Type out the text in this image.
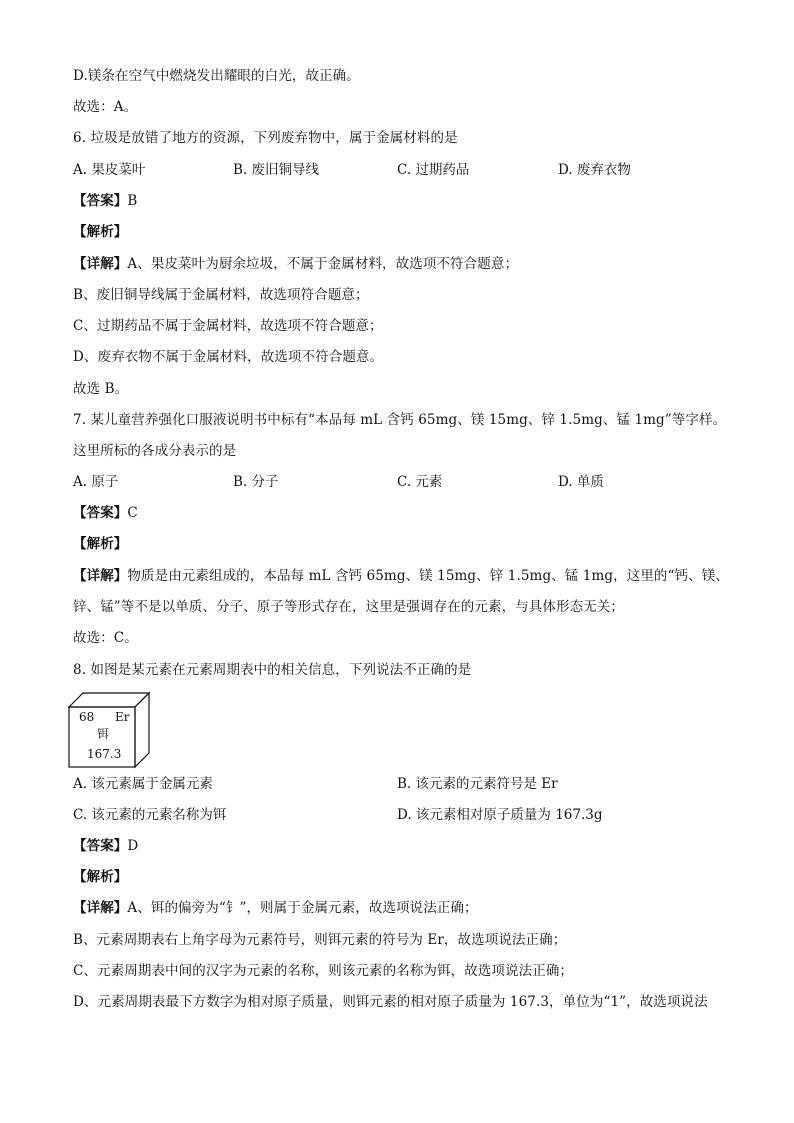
D.镁条在空气中燃烧发出耀眼的白光，故正确。
故选：A。
6. 垃圾是放错了地方的资源，下列废弃物中，属于金属材料的是
A. 果皮菜叶	B. 废旧铜导线	C. 过期药品	D. 废弃衣物
【答案】B
【解析】
【详解】A、果皮菜叶为厨余垃圾，不属于金属材料，故选项不符合题意；
B、废旧铜导线属于金属材料，故选项符合题意；
C、过期药品不属于金属材料，故选项不符合题意；
D、废弃衣物不属于金属材料，故选项不符合题意。
故选 B。
7. 某儿童营养强化口服液说明书中标有“本品每 mL 含钙 65mg、镁 15mg、锌 1.5mg、锰 1mg”等字样。
这里所标的各成分表示的是
A. 原子	B. 分子	C. 元素	D. 单质
【答案】C
【解析】
【详解】物质是由元素组成的，本品每 mL 含钙 65mg、镁 15mg、锌 1.5mg、锰 1mg，这里的“钙、镁、
锌、锰”等不是以单质、分子、原子等形式存在，这里是强调存在的元素，与具体形态无关；
故选：C。
8. 如图是某元素在元素周期表中的相关信息，下列说法不正确的是
68 Er
铒
167.3
A. 该元素属于金属元素	B. 该元素的元素符号是 Er
C. 该元素的元素名称为铒	D. 该元素相对原子质量为 167.3g
【答案】D
【解析】
【详解】A、铒的偏旁为“钅”，则属于金属元素，故选项说法正确；
B、元素周期表右上角字母为元素符号，则铒元素的符号为 Er，故选项说法正确；
C、元素周期表中间的汉字为元素的名称，则该元素的名称为铒，故选项说法正确；
D、元素周期表最下方数字为相对原子质量，则铒元素的相对原子质量为 167.3，单位为“1”，故选项说法
